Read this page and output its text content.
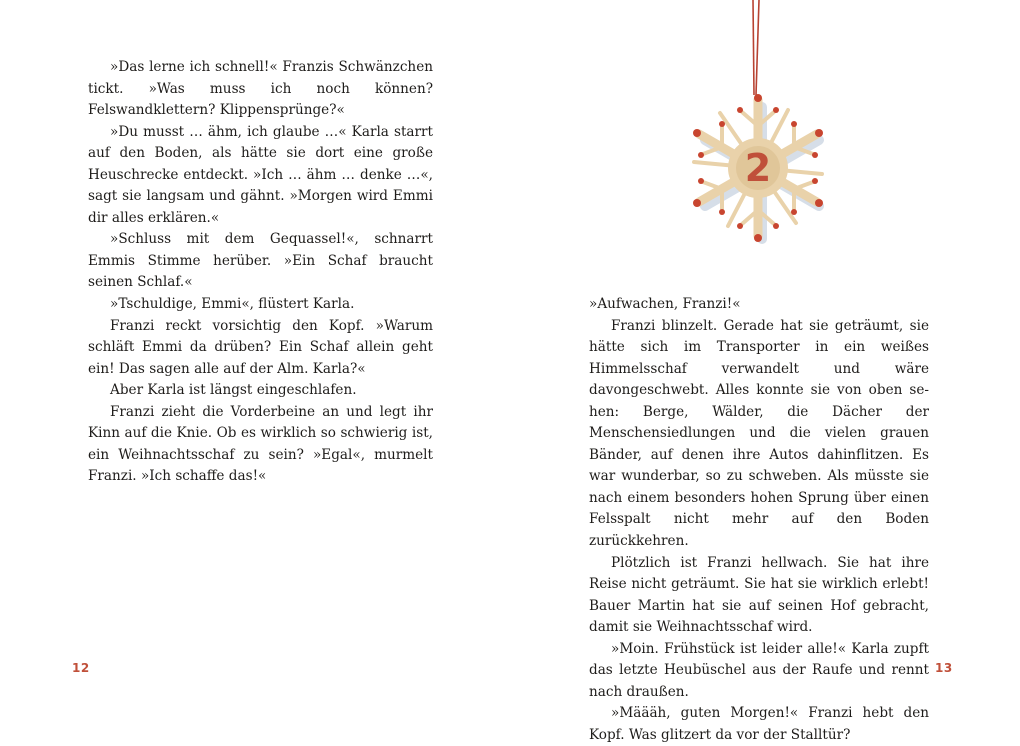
»Das lerne ich schnell!« Franzis Schwänzchen tickt. »Was muss ich noch können? Felswandklettern? Klippensprünge?«

»Du musst … ähm, ich glaube …« Karla starrt auf den Boden, als hätte sie dort eine große Heuschrecke entdeckt. »Ich … ähm … denke …«, sagt sie langsam und gähnt. »Morgen wird Emmi dir alles erklären.«

»Schluss mit dem Gequassel!«, schnarrt Emmis Stimme herüber. »Ein Schaf braucht seinen Schlaf.«

»Tschuldige, Emmi«, flüstert Karla.

Franzi reckt vorsichtig den Kopf. »Warum schläft Emmi da drüben? Ein Schaf allein geht ein! Das sagen alle auf der Alm. Karla?«

Aber Karla ist längst eingeschlafen.

Franzi zieht die Vorderbeine an und legt ihr Kinn auf die Knie. Ob es wirklich so schwierig ist, ein Weihnachtsschaf zu sein? »Egal«, murmelt Franzi. »Ich schaffe das!«

12
2

»Aufwachen, Franzi!«

Franzi blinzelt. Gerade hat sie geträumt, sie hätte sich im Transporter in ein weißes Himmelsschaf verwandelt und wäre davongeschwebt. Alles konnte sie von oben sehen: Berge, Wälder, die Dächer der Menschensiedlungen und die vielen grauen Bänder, auf denen ihre Autos dahinflitzen. Es war wunderbar, so zu schweben. Als müsste sie nach einem besonders hohen Sprung über einen Felsspalt nicht mehr auf den Boden zurückkehren.

Plötzlich ist Franzi hellwach. Sie hat ihre Reise nicht geträumt. Sie hat sie wirklich erlebt! Bauer Martin hat sie auf seinen Hof gebracht, damit sie Weihnachtsschaf wird.

»Moin. Frühstück ist leider alle!« Karla zupft das letzte Heubüschel aus der Raufe und rennt nach draußen.

»Määäh, guten Morgen!« Franzi hebt den Kopf. Was glitzert da vor der Stalltür?

13
